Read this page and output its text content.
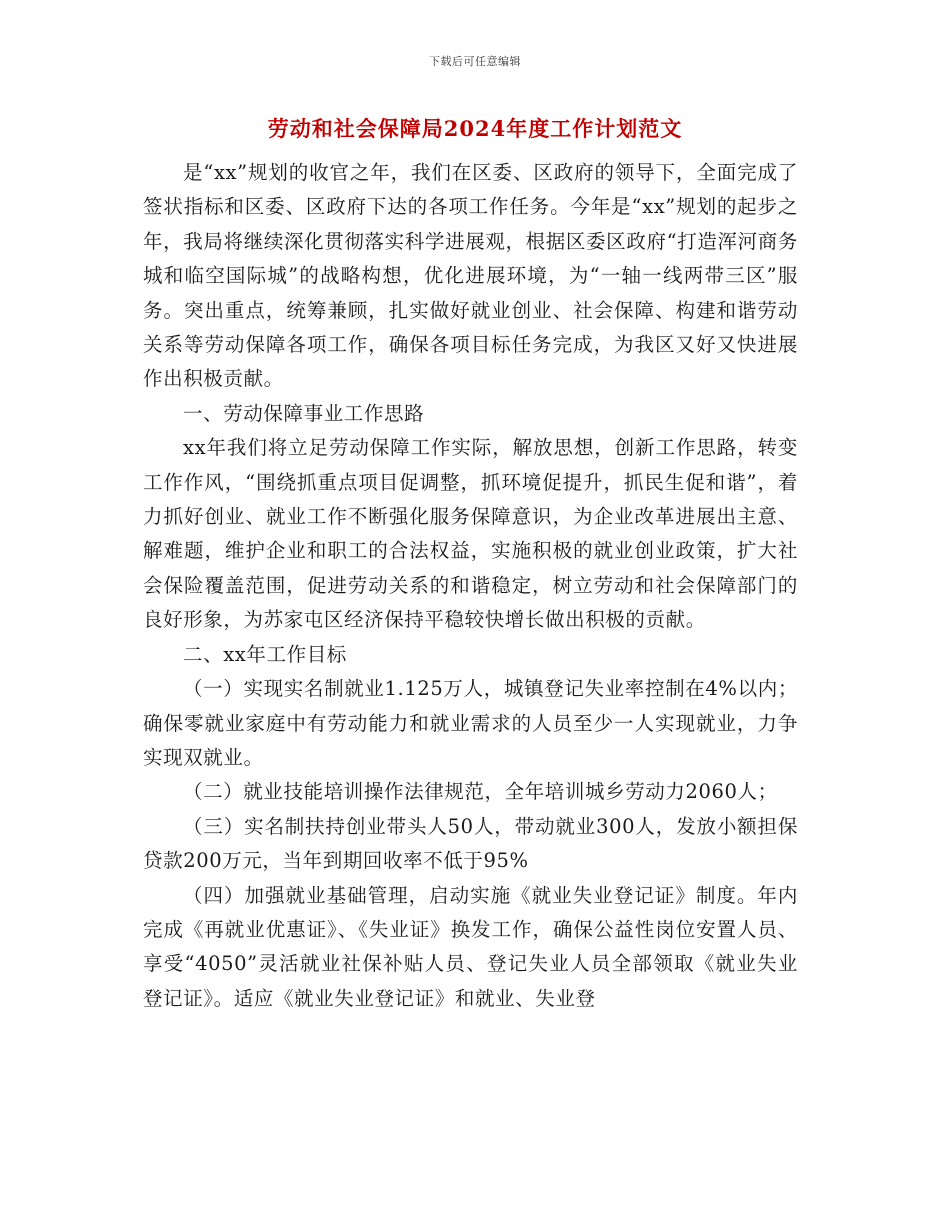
下载后可任意编辑
劳动和社会保障局2024年度工作计划范文

是“xx”规划的收官之年，我们在区委、区政府的领导下，全面完成了签状指标和区委、区政府下达的各项工作任务。今年是“xx”规划的起步之年，我局将继续深化贯彻落实科学进展观，根据区委区政府“打造浑河商务城和临空国际城”的战略构想，优化进展环境，为“一轴一线两带三区”服务。突出重点，统筹兼顾，扎实做好就业创业、社会保障、构建和谐劳动关系等劳动保障各项工作，确保各项目标任务完成，为我区又好又快进展作出积极贡献。

一、劳动保障事业工作思路

xx年我们将立足劳动保障工作实际，解放思想，创新工作思路，转变工作作风，“围绕抓重点项目促调整，抓环境促提升，抓民生促和谐”，着力抓好创业、就业工作不断强化服务保障意识，为企业改革进展出主意、解难题，维护企业和职工的合法权益，实施积极的就业创业政策，扩大社会保险覆盖范围，促进劳动关系的和谐稳定，树立劳动和社会保障部门的良好形象，为苏家屯区经济保持平稳较快增长做出积极的贡献。

二、xx年工作目标

（一）实现实名制就业1.125万人，城镇登记失业率控制在4%以内；确保零就业家庭中有劳动能力和就业需求的人员至少一人实现就业，力争实现双就业。

（二）就业技能培训操作法律规范，全年培训城乡劳动力2060人；

（三）实名制扶持创业带头人50人，带动就业300人，发放小额担保贷款200万元，当年到期回收率不低于95%

（四）加强就业基础管理，启动实施《就业失业登记证》制度。年内完成《再就业优惠证》、《失业证》换发工作，确保公益性岗位安置人员、享受“4050”灵活就业社保补贴人员、登记失业人员全部领取《就业失业登记证》。适应《就业失业登记证》和就业、失业登
